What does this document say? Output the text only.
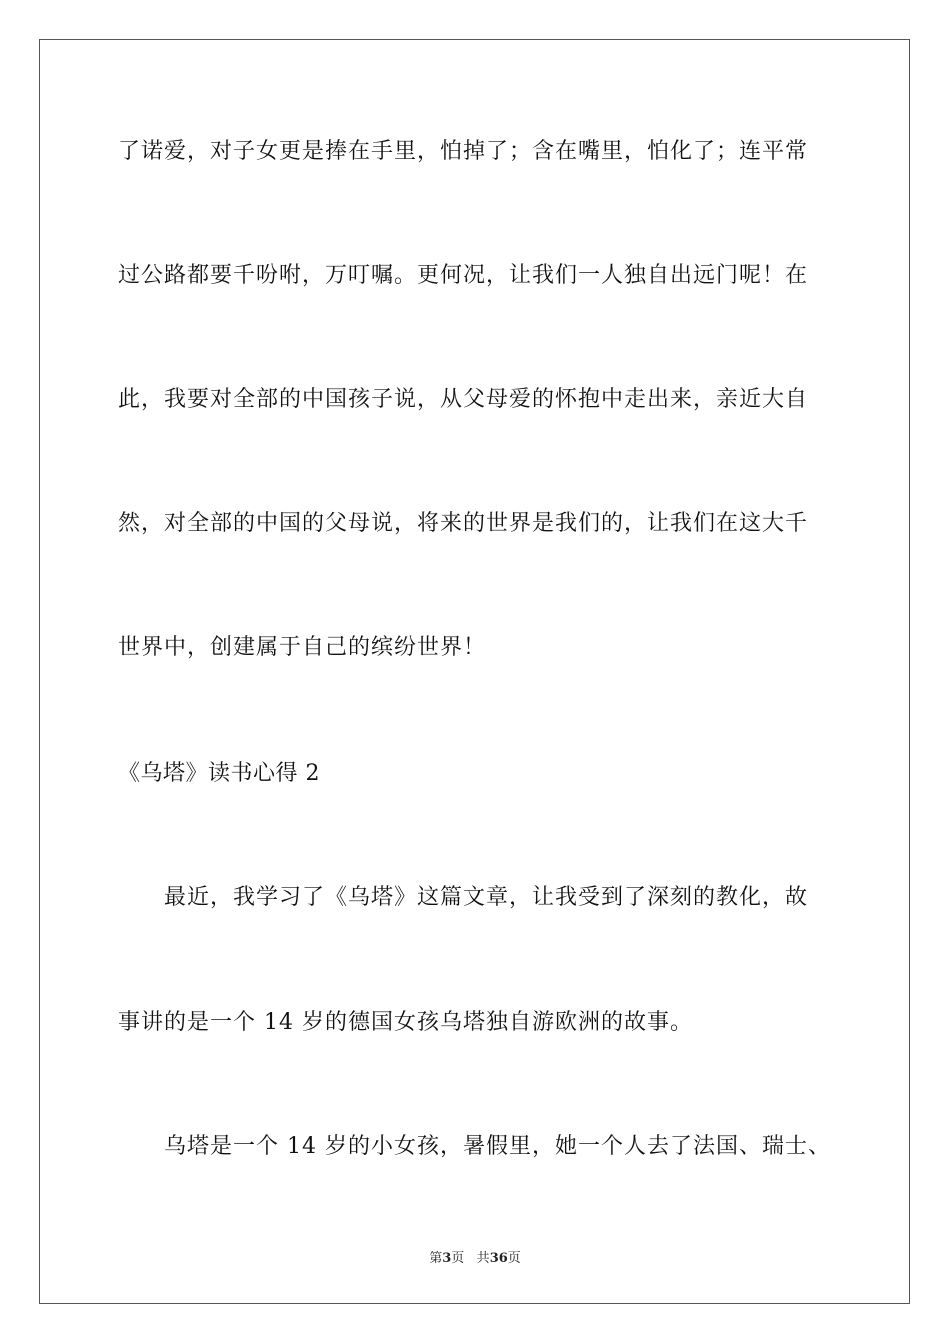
了诺爱，对子女更是捧在手里，怕掉了；含在嘴里，怕化了；连平常
过公路都要千吩咐，万叮嘱。更何况，让我们一人独自出远门呢！在
此，我要对全部的中国孩子说，从父母爱的怀抱中走出来，亲近大自
然，对全部的中国的父母说，将来的世界是我们的，让我们在这大千
世界中，创建属于自己的缤纷世界！
《乌塔》读书心得 2
最近，我学习了《乌塔》这篇文章，让我受到了深刻的教化，故
事讲的是一个 14 岁的德国女孩乌塔独自游欧洲的故事。
乌塔是一个 14 岁的小女孩，暑假里，她一个人去了法国、瑞士、
第3页 共36页
